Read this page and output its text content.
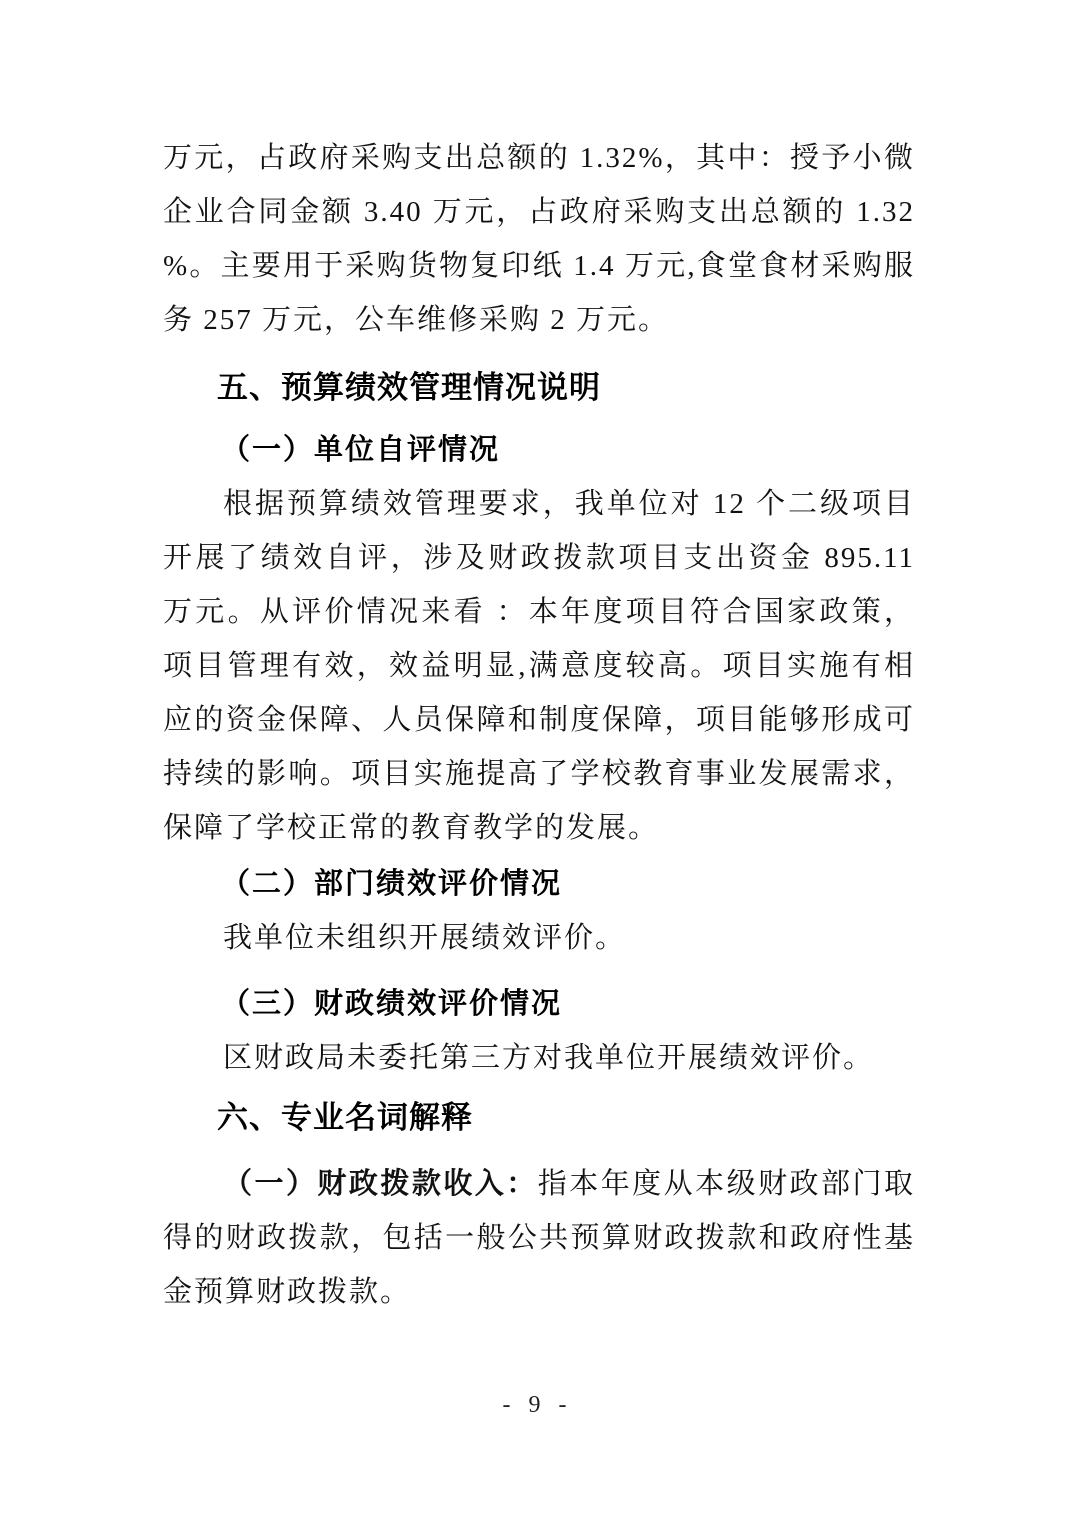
万元，占政府采购支出总额的 1.32%，其中：授予小微企业合同金额 3.40 万元，占政府采购支出总额的 1.32 %。主要用于采购货物复印纸 1.4 万元,食堂食材采购服务 257 万元，公车维修采购 2 万元。

五、预算绩效管理情况说明
（一）单位自评情况

根据预算绩效管理要求，我单位对 12 个二级项目开展了绩效自评，涉及财政拨款项目支出资金 895.11 万元。从评价情况来看 ：本年度项目符合国家政策，项目管理有效，效益明显,满意度较高。项目实施有相应的资金保障、人员保障和制度保障，项目能够形成可持续的影响。项目实施提高了学校教育事业发展需求，保障了学校正常的教育教学的发展。

（二）部门绩效评价情况

我单位未组织开展绩效评价。

（三）财政绩效评价情况

区财政局未委托第三方对我单位开展绩效评价。

六、专业名词解释

（一）财政拨款收入：指本年度从本级财政部门取得的财政拨款，包括一般公共预算财政拨款和政府性基金预算财政拨款。

- 9 -
